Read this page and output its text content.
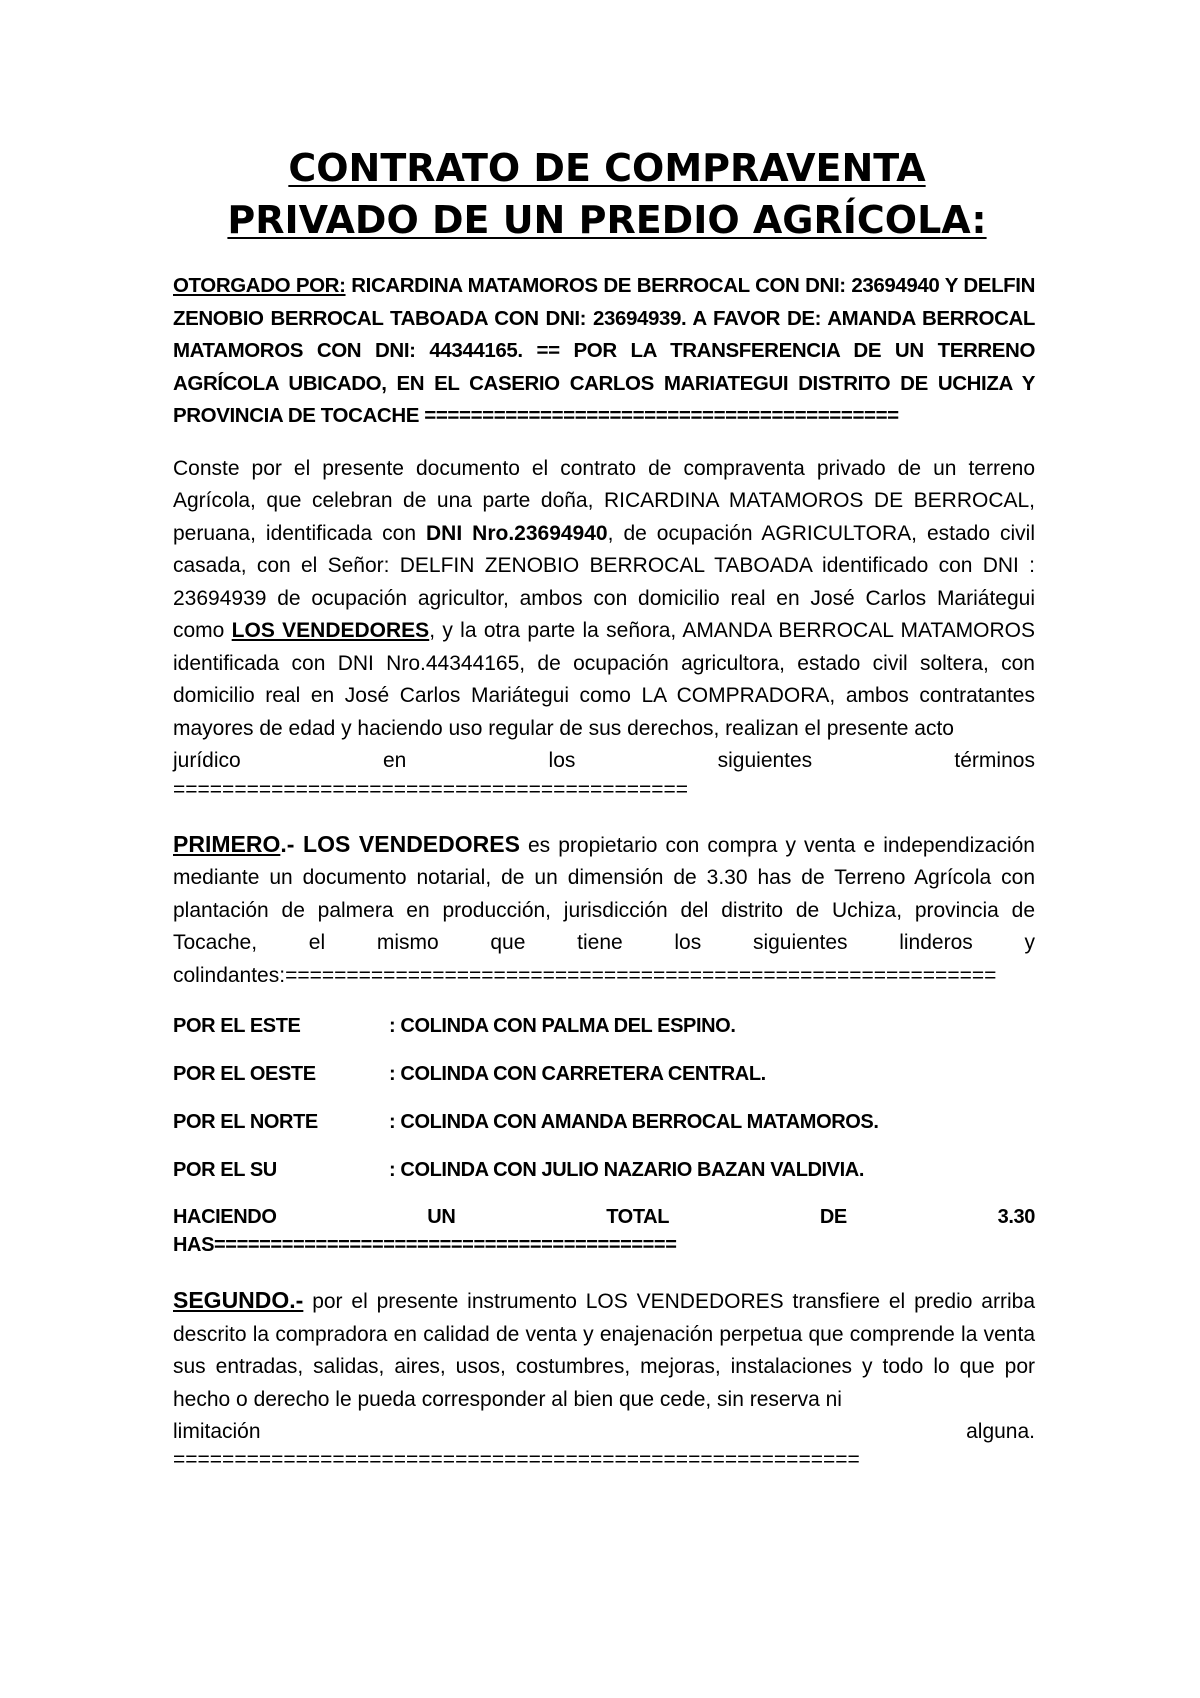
CONTRATO DE COMPRAVENTA
PRIVADO DE UN PREDIO AGRÍCOLA:

OTORGADO POR: RICARDINA MATAMOROS DE BERROCAL CON DNI: 23694940 Y DELFIN ZENOBIO BERROCAL TABOADA CON DNI: 23694939. A FAVOR DE: AMANDA BERROCAL MATAMOROS CON DNI: 44344165. == POR LA TRANSFERENCIA DE UN TERRENO AGRÍCOLA UBICADO, EN EL CASERIO CARLOS MARIATEGUI DISTRITO DE UCHIZA Y PROVINCIA DE TOCACHE =========================================

Conste por el presente documento el contrato de compraventa privado de un terreno Agrícola, que celebran de una parte doña, RICARDINA MATAMOROS DE BERROCAL, peruana, identificada con DNI Nro.23694940, de ocupación AGRICULTORA, estado civil casada, con el Señor: DELFIN ZENOBIO BERROCAL TABOADA identificado con DNI : 23694939 de ocupación agricultor, ambos con domicilio real en José Carlos Mariátegui como LOS VENDEDORES, y la otra parte la señora, AMANDA BERROCAL MATAMOROS identificada con DNI Nro.44344165, de ocupación agricultora, estado civil soltera, con domicilio real en José Carlos Mariátegui como LA COMPRADORA, ambos contratantes mayores de edad y haciendo uso regular de sus derechos, realizan el presente acto

jurídico	en	los	siguientes	términos
==========================================

PRIMERO.- LOS VENDEDORES es propietario con compra y venta e independización mediante un documento notarial, de un dimensión de 3.30 has de Terreno Agrícola con plantación de palmera en producción, jurisdicción del distrito de Uchiza, provincia de Tocache, el mismo que tiene los siguientes linderos y colindantes:==========================================================

POR EL ESTE	: COLINDA CON PALMA DEL ESPINO.
POR EL OESTE	: COLINDA CON CARRETERA CENTRAL.
POR EL NORTE	: COLINDA CON AMANDA BERROCAL MATAMOROS.
POR EL SU	: COLINDA CON JULIO NAZARIO BAZAN VALDIVIA.
HACIENDO	UN	TOTAL	DE	3.30
HAS=========================================

SEGUNDO.- por el presente instrumento LOS VENDEDORES transfiere el predio arriba descrito la compradora en calidad de venta y enajenación perpetua que comprende la venta sus entradas, salidas, aires, usos, costumbres, mejoras, instalaciones y todo lo que por hecho o derecho le pueda corresponder al bien que cede, sin reserva ni

limitación	alguna.
========================================================
